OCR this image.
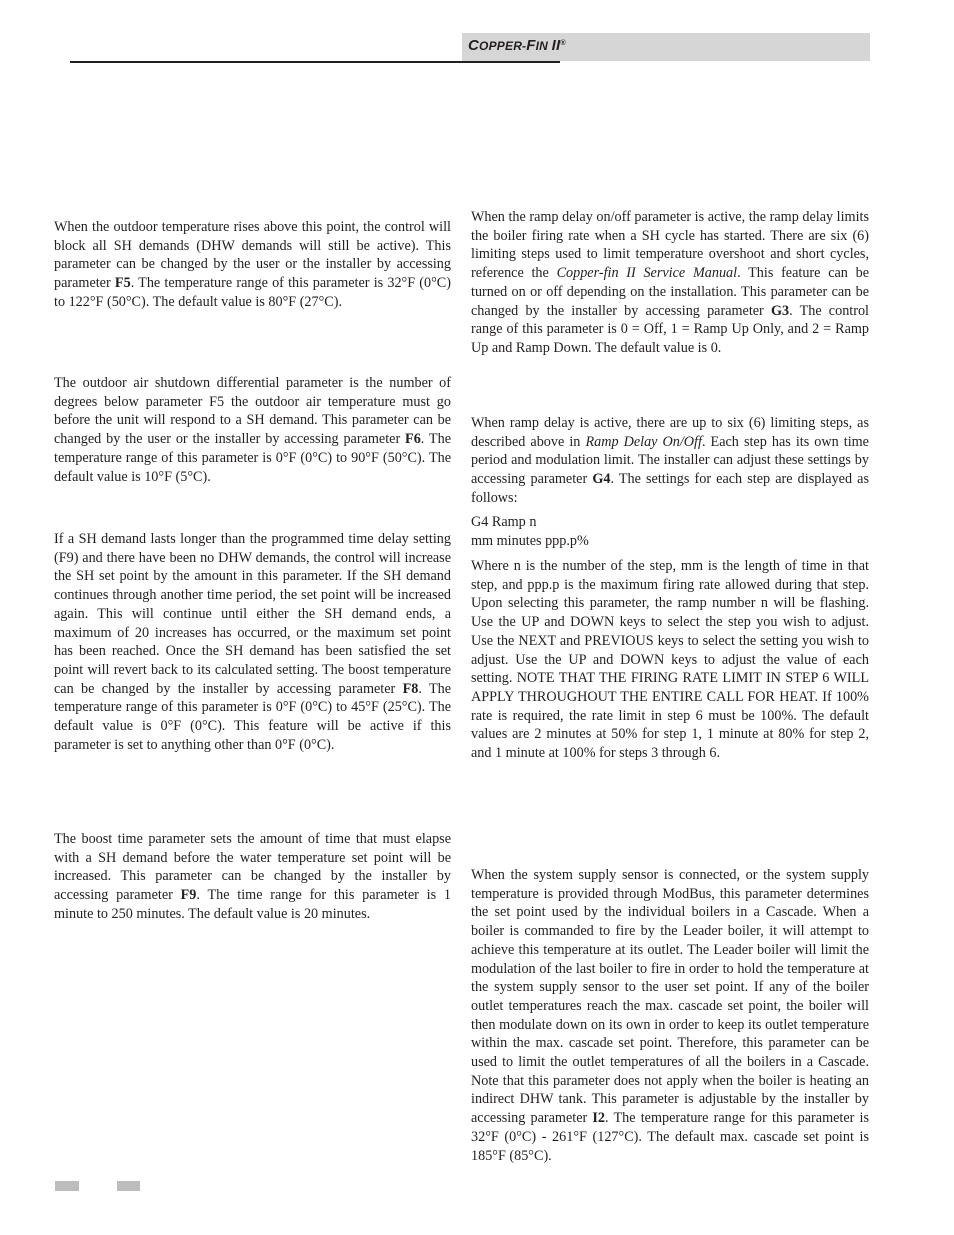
COPPER-FIN II®

When the outdoor temperature rises above this point, the control will block all SH demands (DHW demands will still be active). This parameter can be changed by the user or the installer by accessing parameter F5. The temperature range of this parameter is 32°F (0°C) to 122°F (50°C). The default value is 80°F (27°C).

The outdoor air shutdown differential parameter is the number of degrees below parameter F5 the outdoor air temperature must go before the unit will respond to a SH demand. This parameter can be changed by the user or the installer by accessing parameter F6. The temperature range of this parameter is 0°F (0°C) to 90°F (50°C). The default value is 10°F (5°C).

If a SH demand lasts longer than the programmed time delay setting (F9) and there have been no DHW demands, the control will increase the SH set point by the amount in this parameter. If the SH demand continues through another time period, the set point will be increased again. This will continue until either the SH demand ends, a maximum of 20 increases has occurred, or the maximum set point has been reached. Once the SH demand has been satisfied the set point will revert back to its calculated setting. The boost temperature can be changed by the installer by accessing parameter F8. The temperature range of this parameter is 0°F (0°C) to 45°F (25°C). The default value is 0°F (0°C). This feature will be active if this parameter is set to anything other than 0°F (0°C).

The boost time parameter sets the amount of time that must elapse with a SH demand before the water temperature set point will be increased. This parameter can be changed by the installer by accessing parameter F9. The time range for this parameter is 1 minute to 250 minutes. The default value is 20 minutes.

When the ramp delay on/off parameter is active, the ramp delay limits the boiler firing rate when a SH cycle has started. There are six (6) limiting steps used to limit temperature overshoot and short cycles, reference the Copper-fin II Service Manual. This feature can be turned on or off depending on the installation. This parameter can be changed by the installer by accessing parameter G3. The control range of this parameter is 0 = Off, 1 = Ramp Up Only, and 2 = Ramp Up and Ramp Down. The default value is 0.

When ramp delay is active, there are up to six (6) limiting steps, as described above in Ramp Delay On/Off. Each step has its own time period and modulation limit. The installer can adjust these settings by accessing parameter G4. The settings for each step are displayed as follows:

G4 Ramp n

mm minutes ppp.p%

Where n is the number of the step, mm is the length of time in that step, and ppp.p is the maximum firing rate allowed during that step. Upon selecting this parameter, the ramp number n will be flashing. Use the UP and DOWN keys to select the step you wish to adjust. Use the NEXT and PREVIOUS keys to select the setting you wish to adjust. Use the UP and DOWN keys to adjust the value of each setting. NOTE THAT THE FIRING RATE LIMIT IN STEP 6 WILL APPLY THROUGHOUT THE ENTIRE CALL FOR HEAT. If 100% rate is required, the rate limit in step 6 must be 100%. The default values are 2 minutes at 50% for step 1, 1 minute at 80% for step 2, and 1 minute at 100% for steps 3 through 6.

When the system supply sensor is connected, or the system supply temperature is provided through ModBus, this parameter determines the set point used by the individual boilers in a Cascade. When a boiler is commanded to fire by the Leader boiler, it will attempt to achieve this temperature at its outlet. The Leader boiler will limit the modulation of the last boiler to fire in order to hold the temperature at the system supply sensor to the user set point. If any of the boiler outlet temperatures reach the max. cascade set point, the boiler will then modulate down on its own in order to keep its outlet temperature within the max. cascade set point. Therefore, this parameter can be used to limit the outlet temperatures of all the boilers in a Cascade. Note that this parameter does not apply when the boiler is heating an indirect DHW tank. This parameter is adjustable by the installer by accessing parameter I2. The temperature range for this parameter is 32°F (0°C) - 261°F (127°C). The default max. cascade set point is 185°F (85°C).
